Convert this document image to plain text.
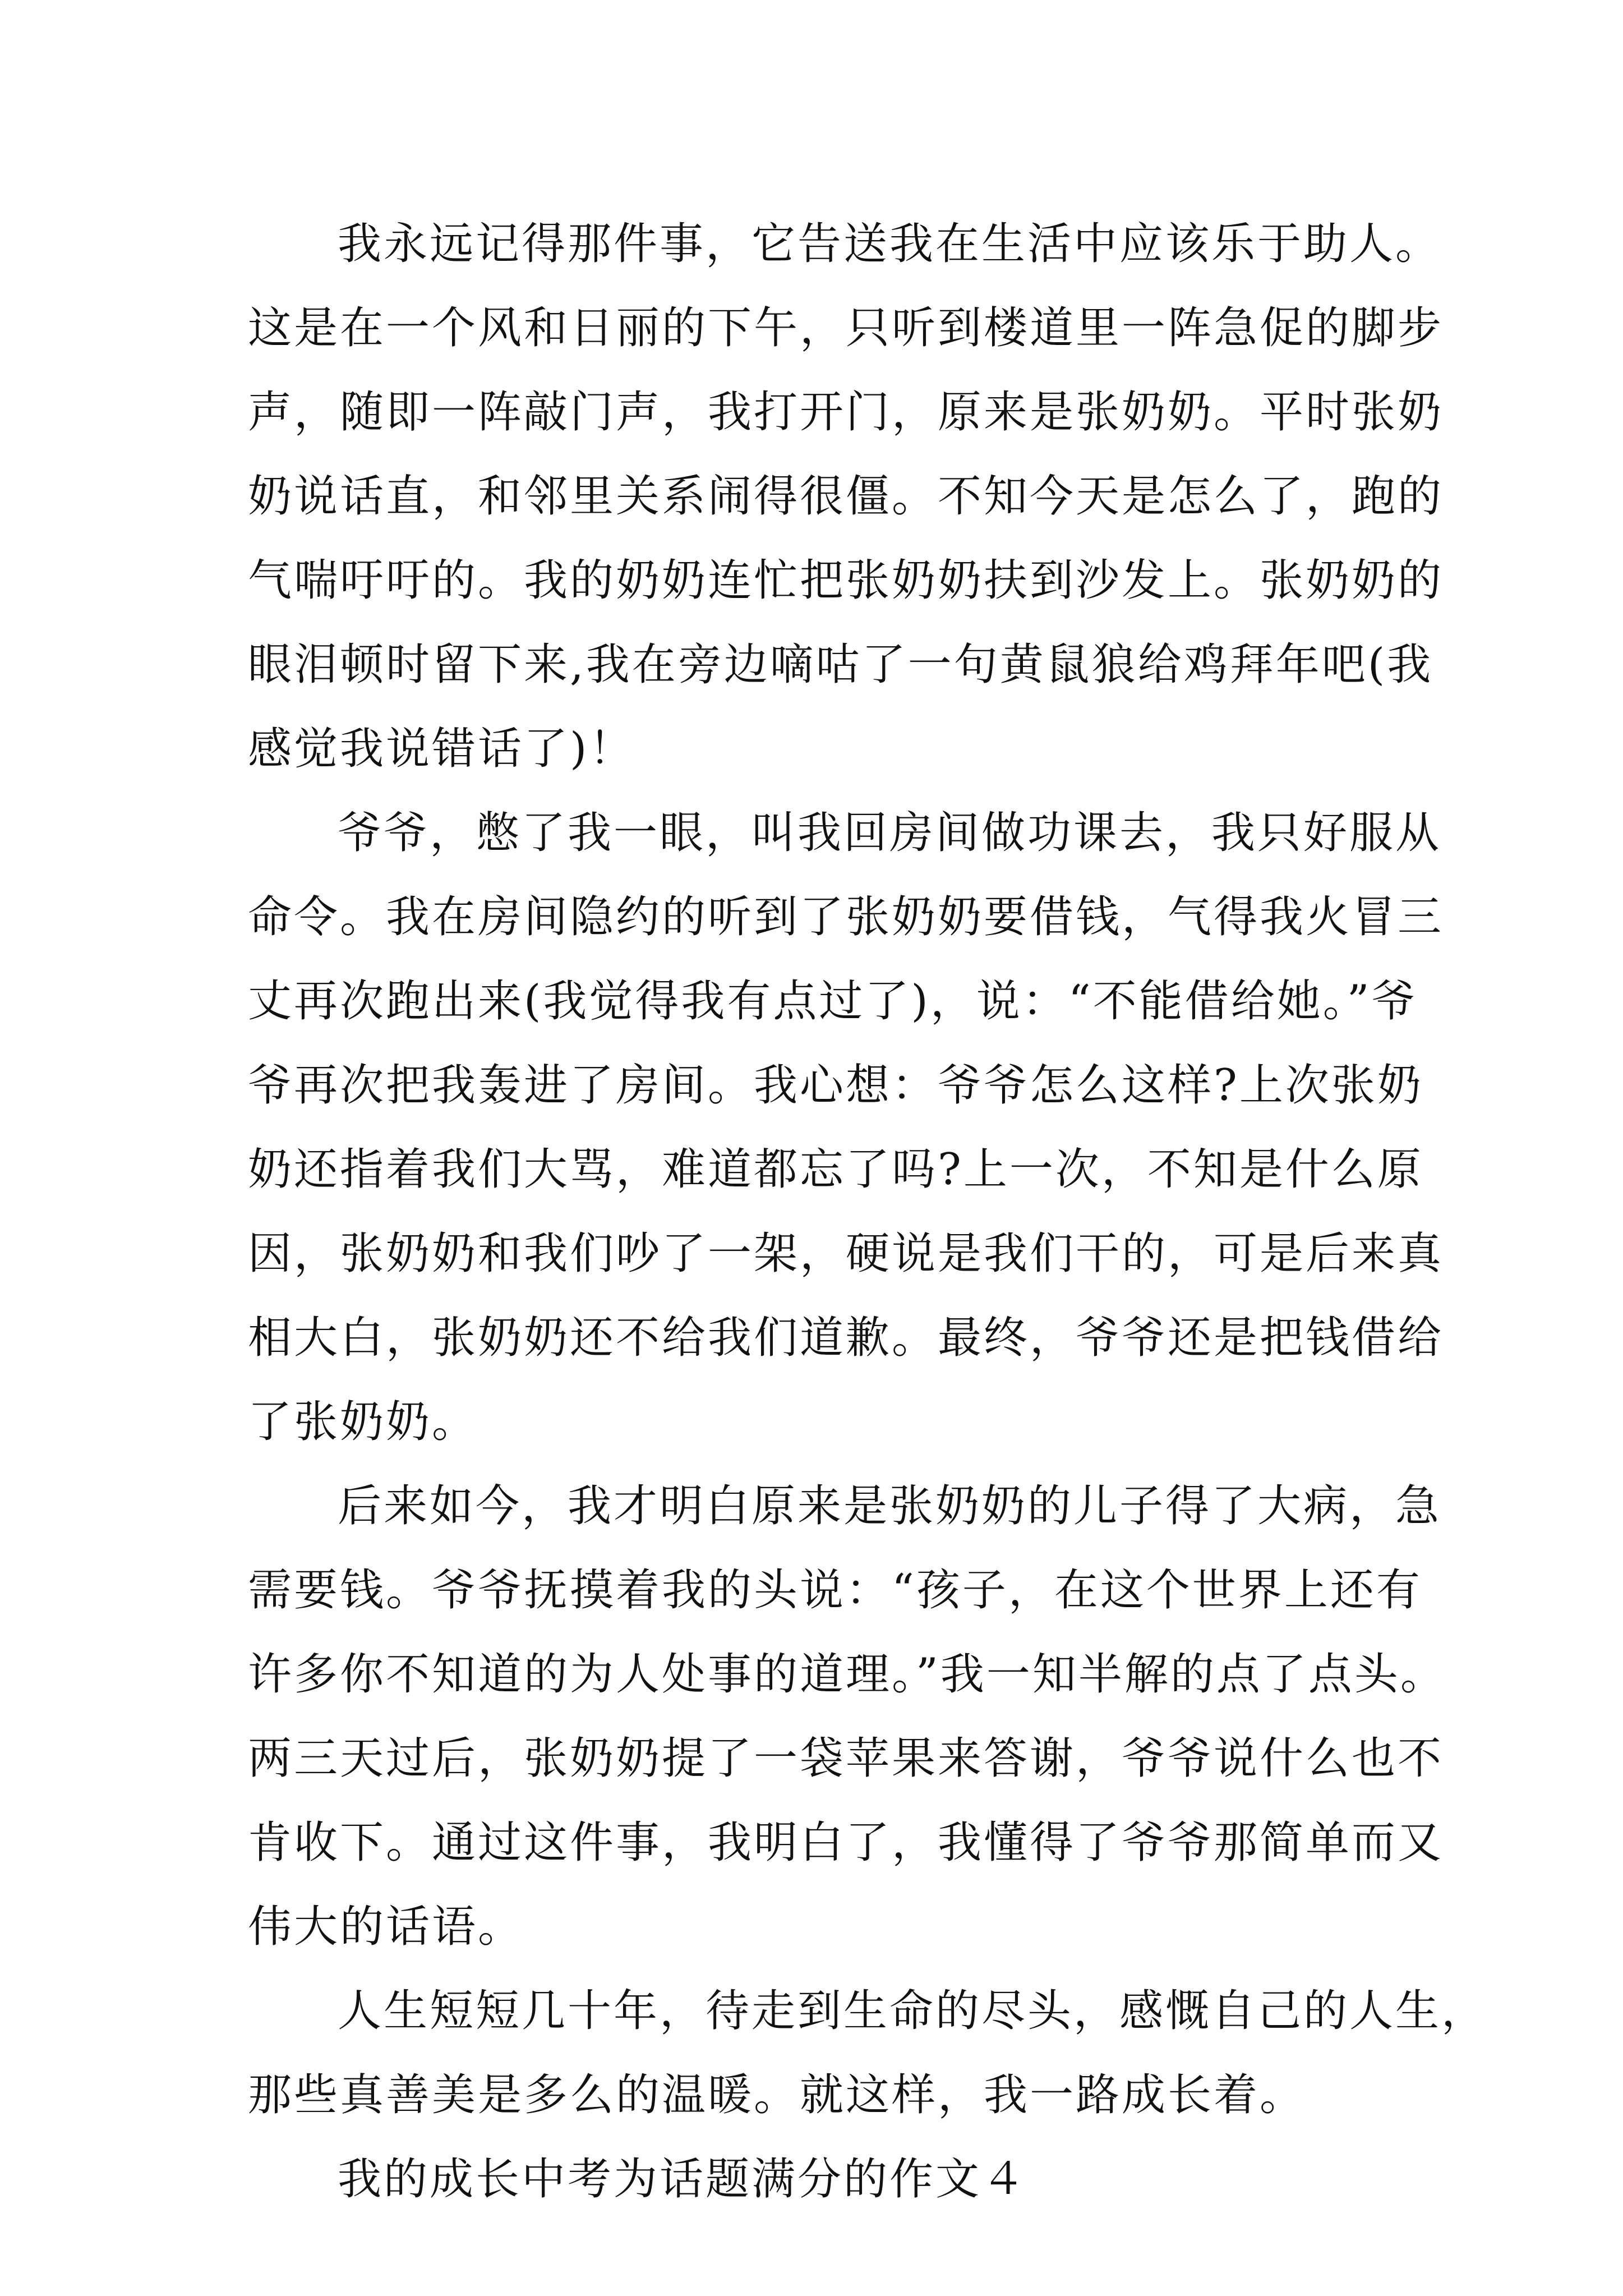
我永远记得那件事，它告送我在生活中应该乐于助人。
这是在一个风和日丽的下午，只听到楼道里一阵急促的脚步
声，随即一阵敲门声，我打开门，原来是张奶奶。平时张奶
奶说话直，和邻里关系闹得很僵。不知今天是怎么了，跑的
气喘吁吁的。我的奶奶连忙把张奶奶扶到沙发上。张奶奶的
眼泪顿时留下来,我在旁边嘀咕了一句黄鼠狼给鸡拜年吧(我
感觉我说错话了)！
爷爷，憋了我一眼，叫我回房间做功课去，我只好服从
命令。我在房间隐约的听到了张奶奶要借钱，气得我火冒三
丈再次跑出来(我觉得我有点过了)，说：“不能借给她。”爷
爷再次把我轰进了房间。我心想：爷爷怎么这样?上次张奶
奶还指着我们大骂，难道都忘了吗?上一次，不知是什么原
因，张奶奶和我们吵了一架，硬说是我们干的，可是后来真
相大白，张奶奶还不给我们道歉。最终，爷爷还是把钱借给
了张奶奶。
后来如今，我才明白原来是张奶奶的儿子得了大病，急
需要钱。爷爷抚摸着我的头说：“孩子，在这个世界上还有
许多你不知道的为人处事的道理。”我一知半解的点了点头。
两三天过后，张奶奶提了一袋苹果来答谢，爷爷说什么也不
肯收下。通过这件事，我明白了，我懂得了爷爷那简单而又
伟大的话语。
人生短短几十年，待走到生命的尽头，感慨自己的人生，
那些真善美是多么的温暖。就这样，我一路成长着。
我的成长中考为话题满分的作文４
